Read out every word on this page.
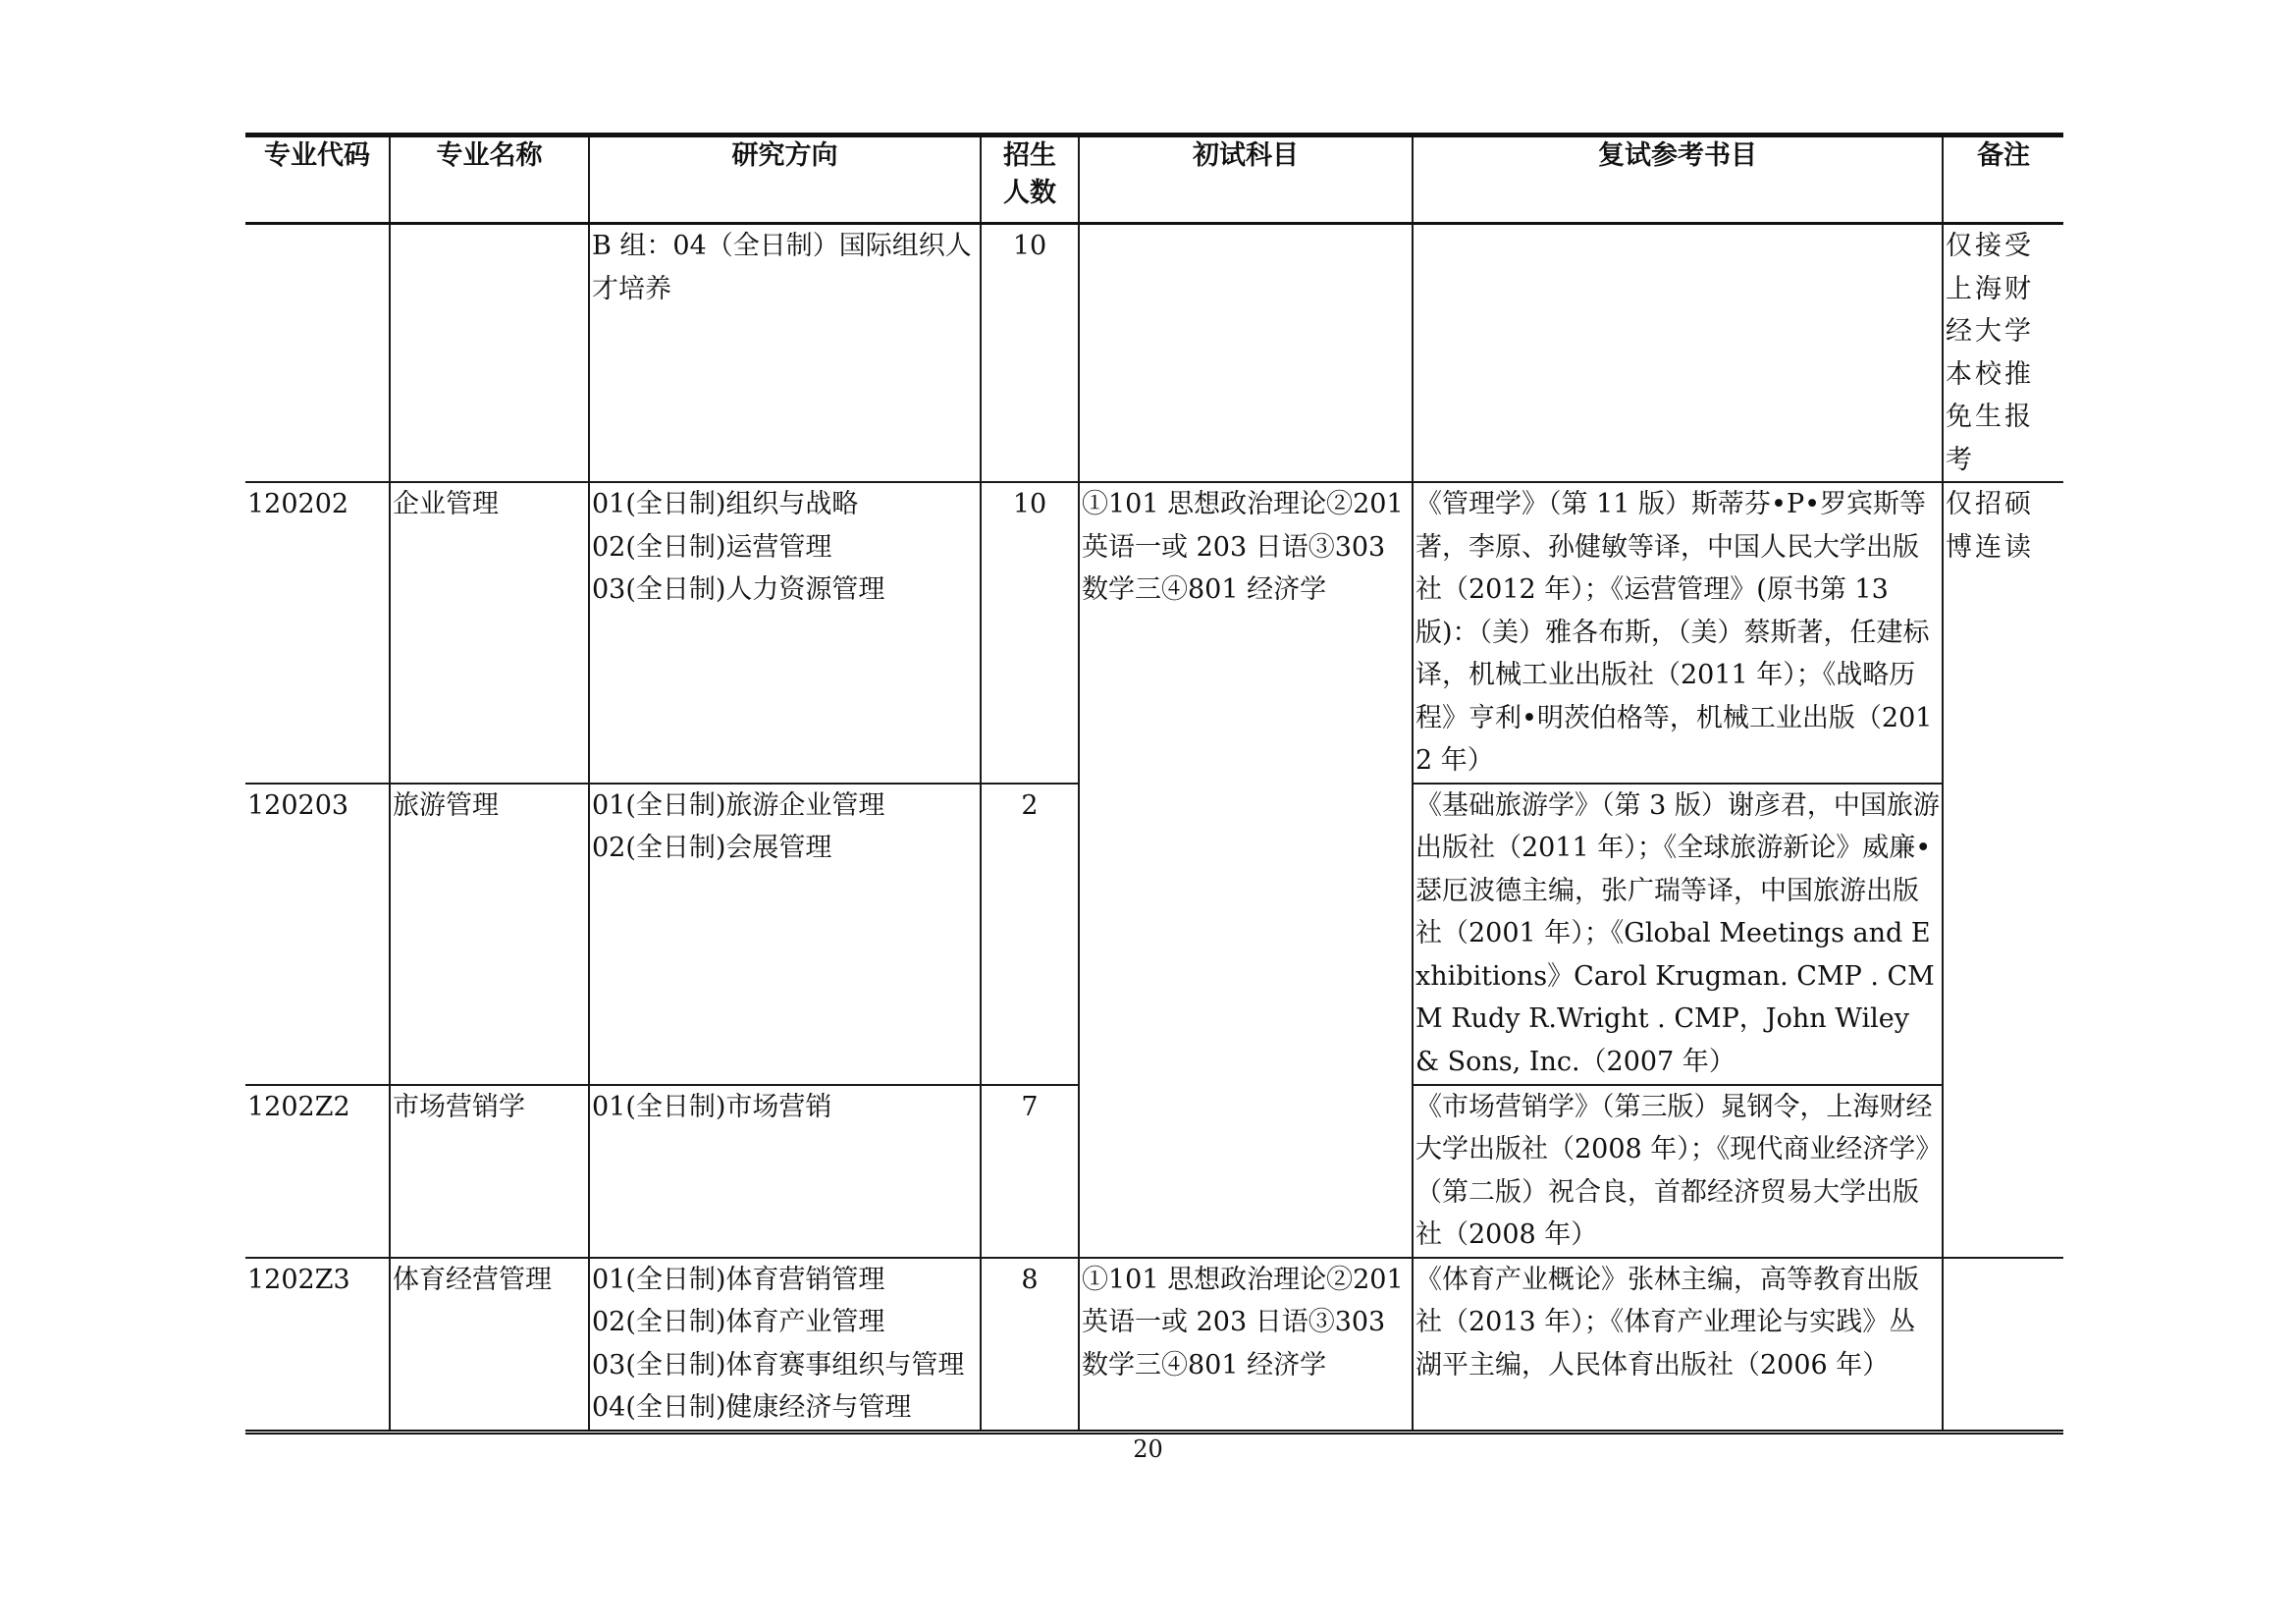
专业代码	专业名称	研究方向	招生人数	初试科目	复试参考书目	备注

		B 组：04（全日制）国际组织人才培养	10			仅接受上海财经大学本校推免生报考
120202	企业管理	01(全日制)组织与战略
02(全日制)运营管理
03(全日制)人力资源管理	10	①101 思想政治理论②201 英语一或 203 日语③303 数学三④801 经济学	《管理学》（第 11 版）斯蒂芬•P•罗宾斯等著，李原、孙健敏等译，中国人民大学出版社（2012 年）；《运营管理》(原书第 13 版)：（美）雅各布斯，（美）蔡斯著，任建标译，机械工业出版社（2011 年）；《战略历程》亨利•明茨伯格等，机械工业出版（2012 年）	仅招硕博连读
120203	旅游管理	01(全日制)旅游企业管理
02(全日制)会展管理	2		《基础旅游学》（第 3 版）谢彦君，中国旅游出版社（2011 年）；《全球旅游新论》威廉•瑟厄波德主编，张广瑞等译，中国旅游出版社（2001 年）；《Global Meetings and Exhibitions》Carol Krugman. CMP . CMM Rudy R.Wright . CMP，John Wiley & Sons, Inc.（2007 年）	
1202Z2	市场营销学	01(全日制)市场营销	7		《市场营销学》（第三版）晁钢令，上海财经大学出版社（2008 年）；《现代商业经济学》（第二版）祝合良，首都经济贸易大学出版社（2008 年）	
1202Z3	体育经营管理	01(全日制)体育营销管理
02(全日制)体育产业管理
03(全日制)体育赛事组织与管理
04(全日制)健康经济与管理	8	①101 思想政治理论②201 英语一或 203 日语③303 数学三④801 经济学	《体育产业概论》张林主编，高等教育出版社（2013 年）；《体育产业理论与实践》丛湖平主编，人民体育出版社（2006 年）	
20
